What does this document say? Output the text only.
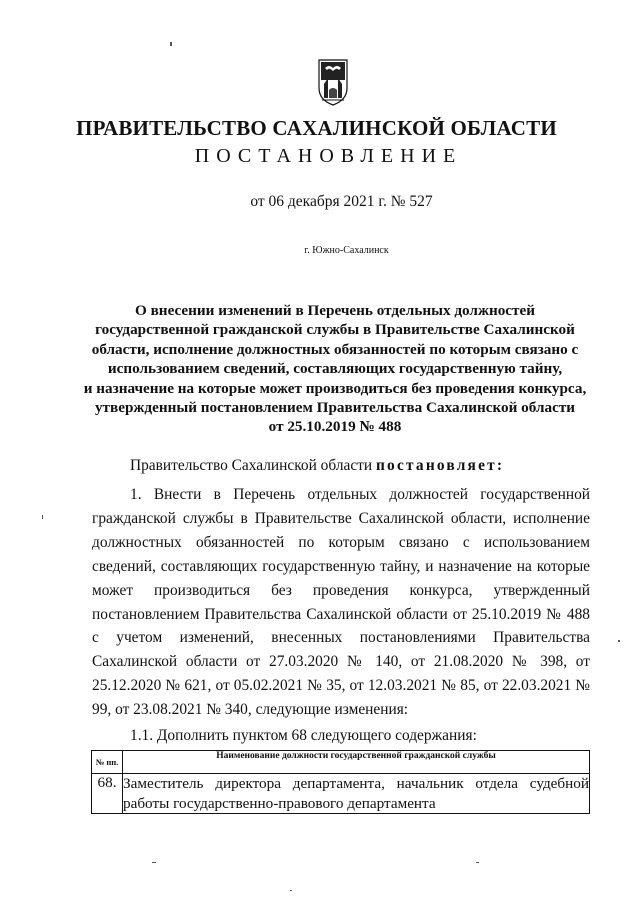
ПРАВИТЕЛЬСТВО САХАЛИНСКОЙ ОБЛАСТИ
ПОСТАНОВЛЕНИЕ
от 06 декабря 2021 г. № 527
г. Южно-Сахалинск
О внесении изменений в Перечень отдельных должностей
государственной гражданской службы в Правительстве Сахалинской
области, исполнение должностных обязанностей по которым связано с
использованием сведений, составляющих государственную тайну,
и назначение на которые может производиться без проведения конкурса,
утвержденный постановлением Правительства Сахалинской области
от 25.10.2019 № 488
Правительство Сахалинской области постановляет:
1. Внести в Перечень отдельных должностей государственной гражданской службы в Правительстве Сахалинской области, исполнение должностных обязанностей по которым связано с использованием сведений, составляющих государственную тайну, и назначение на которые может производиться без проведения конкурса, утвержденный постановлением Правительства Сахалинской области от 25.10.2019 № 488 с учетом изменений, внесенных постановлениями Правительства Сахалинской области от 27.03.2020 № 140, от 21.08.2020 № 398, от 25.12.2020 № 621, от 05.02.2021 № 35, от 12.03.2021 № 85, от 22.03.2021 № 99, от 23.08.2021 № 340, следующие изменения:
1.1. Дополнить пунктом 68 следующего содержания:
№ пп.	Наименование должности государственной гражданской службы
68.	Заместитель директора департамента, начальник отдела судебной работы государственно-правового департамента
